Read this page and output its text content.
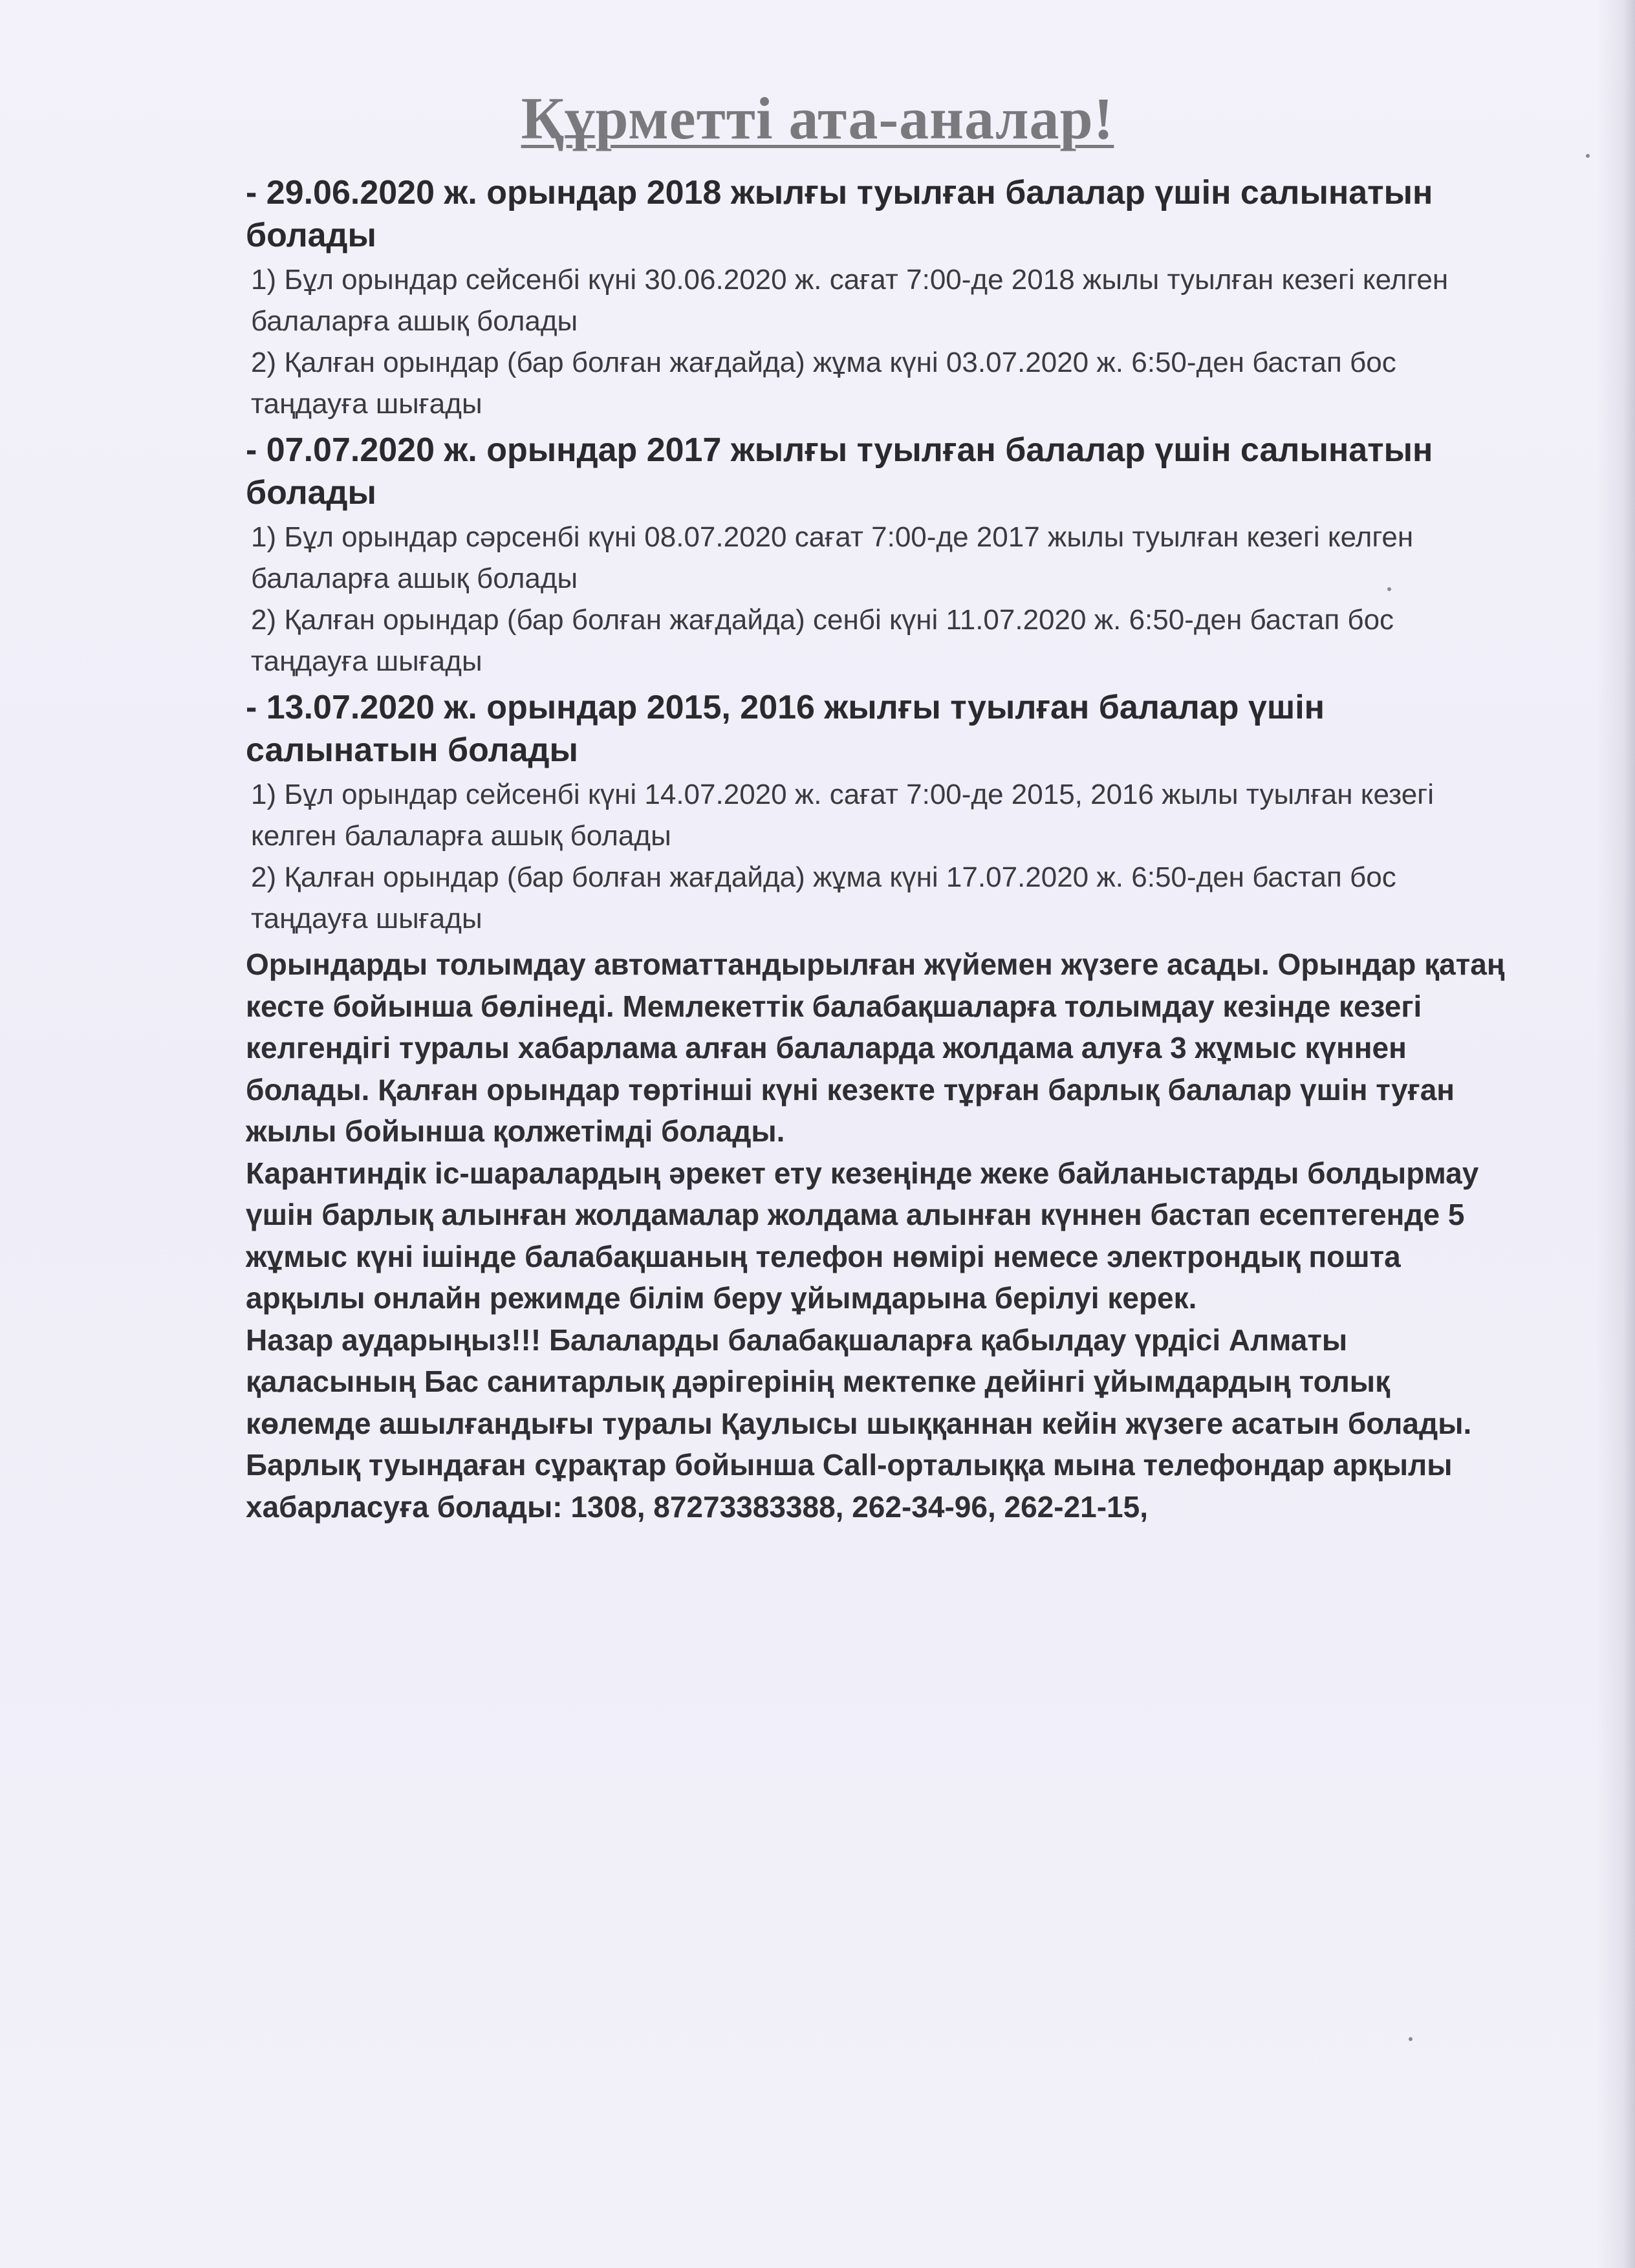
Құрметті ата-аналар!

- 29.06.2020 ж. орындар 2018 жылғы туылған балалар үшін салынатын болады

1) Бұл орындар сейсенбі күні 30.06.2020 ж. сағат 7:00-де 2018 жылы туылған кезегі келген балаларға ашық болады

2) Қалған орындар (бар болған жағдайда) жұма күні 03.07.2020 ж. 6:50-ден бастап бос таңдауға шығады

- 07.07.2020 ж. орындар 2017 жылғы туылған балалар үшін салынатын болады

1) Бұл орындар сәрсенбі күні 08.07.2020 сағат 7:00-де 2017 жылы туылған кезегі келген балаларға ашық болады

2) Қалған орындар (бар болған жағдайда) сенбі күні 11.07.2020 ж. 6:50-ден бастап бос таңдауға шығады

- 13.07.2020 ж. орындар 2015, 2016 жылғы туылған балалар үшін салынатын болады

1) Бұл орындар сейсенбі күні 14.07.2020 ж. сағат 7:00-де 2015, 2016 жылы туылған кезегі келген балаларға ашық болады

2) Қалған орындар (бар болған жағдайда) жұма күні 17.07.2020 ж. 6:50-ден бастап бос таңдауға шығады

Орындарды толымдау автоматтандырылған жүйемен жүзеге асады. Орындар қатаң кесте бойынша бөлінеді. Мемлекеттік балабақшаларға толымдау кезінде кезегі келгендігі туралы хабарлама алған балаларда жолдама алуға 3 жұмыс күннен болады. Қалған орындар төртінші күні кезекте тұрған барлық балалар үшін туған жылы бойынша қолжетімді болады.

Карантиндік іс-шаралардың әрекет ету кезеңінде жеке байланыстарды болдырмау үшін барлық алынған жолдамалар жолдама алынған күннен бастап есептегенде 5 жұмыс күні ішінде балабақшаның телефон нөмірі немесе электрондық пошта арқылы онлайн режимде білім беру ұйымдарына берілуі керек.

Назар аударыңыз!!! Балаларды балабақшаларға қабылдау үрдісі Алматы қаласының Бас санитарлық дәрігерінің мектепке дейінгі ұйымдардың толық көлемде ашылғандығы туралы Қаулысы шыққаннан кейін жүзеге асатын болады.

Барлық туындаған сұрақтар бойынша Call-орталыққа мына телефондар арқылы хабарласуға болады: 1308, 87273383388, 262-34-96, 262-21-15,
